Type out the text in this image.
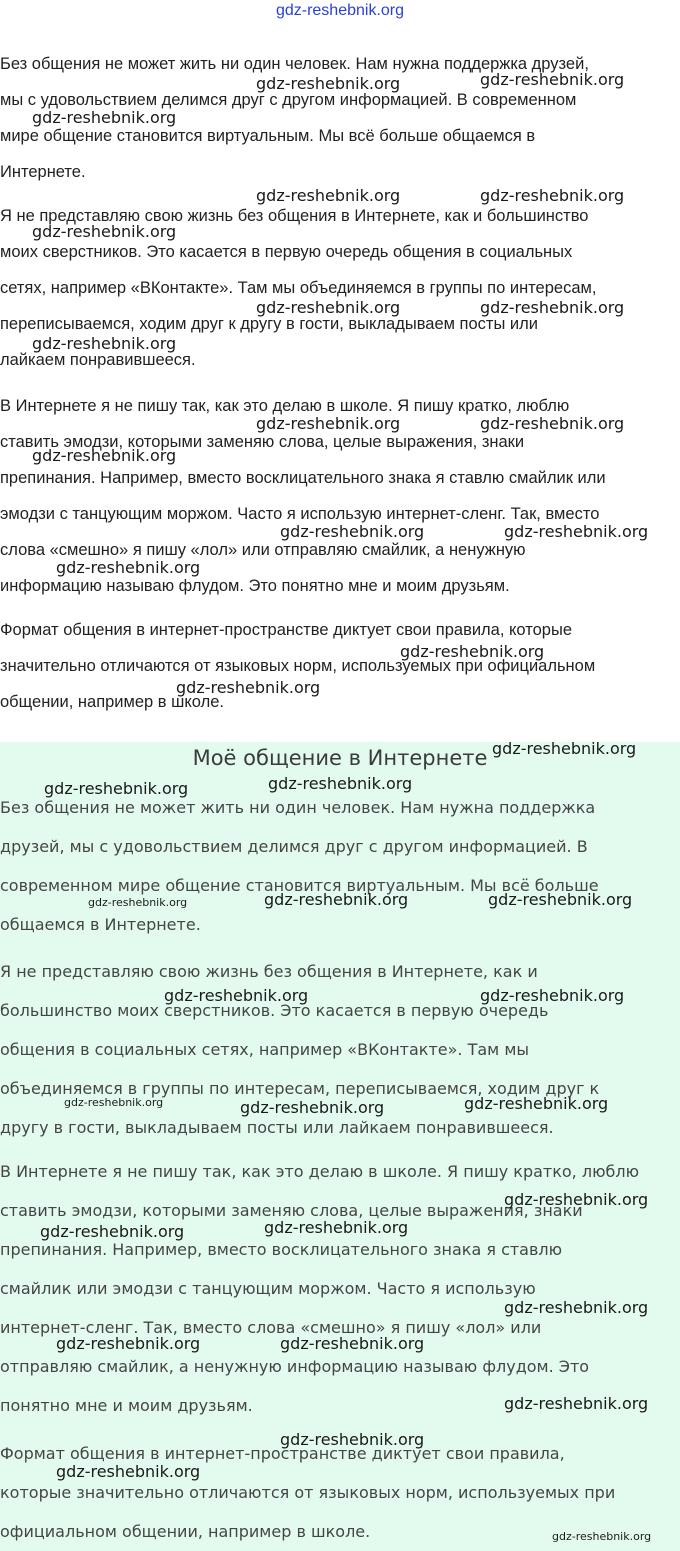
gdz-reshebnik.org
Без общения не может жить ни один человек. Нам нужна поддержка друзей,
мы с удовольствием делимся друг с другом информацией. В современном
мире общение становится виртуальным. Мы всё больше общаемся в
Интернете.
Я не представляю свою жизнь без общения в Интернете, как и большинство
моих сверстников. Это касается в первую очередь общения в социальных
сетях, например «ВКонтакте». Там мы объединяемся в группы по интересам,
переписываемся, ходим друг к другу в гости, выкладываем посты или
лайкаем понравившееся.
В Интернете я не пишу так, как это делаю в школе. Я пишу кратко, люблю
ставить эмодзи, которыми заменяю слова, целые выражения, знаки
препинания. Например, вместо восклицательного знака я ставлю смайлик или
эмодзи с танцующим моржом. Часто я использую интернет-сленг. Так, вместо
слова «смешно» я пишу «лол» или отправляю смайлик, а ненужную
информацию называю флудом. Это понятно мне и моим друзьям.
Формат общения в интернет-пространстве диктует свои правила, которые
значительно отличаются от языковых норм, используемых при официальном
общении, например в школе.
Моё общение в Интернете
Без общения не может жить ни один человек. Нам нужна поддержка
друзей, мы с удовольствием делимся друг с другом информацией. В
современном мире общение становится виртуальным. Мы всё больше
общаемся в Интернете.
Я не представляю свою жизнь без общения в Интернете, как и
большинство моих сверстников. Это касается в первую очередь
общения в социальных сетях, например «ВКонтакте». Там мы
объединяемся в группы по интересам, переписываемся, ходим друг к
другу в гости, выкладываем посты или лайкаем понравившееся.
В Интернете я не пишу так, как это делаю в школе. Я пишу кратко, люблю
ставить эмодзи, которыми заменяю слова, целые выражения, знаки
препинания. Например, вместо восклицательного знака я ставлю
смайлик или эмодзи с танцующим моржом. Часто я использую
интернет-сленг. Так, вместо слова «смешно» я пишу «лол» или
отправляю смайлик, а ненужную информацию называю флудом. Это
понятно мне и моим друзьям.
Формат общения в интернет-пространстве диктует свои правила,
которые значительно отличаются от языковых норм, используемых при
официальном общении, например в школе.
gdz-reshebnik.org	gdz-reshebnik.org
gdz-reshebnik.org
gdz-reshebnik.org	gdz-reshebnik.org
gdz-reshebnik.org
gdz-reshebnik.org	gdz-reshebnik.org
gdz-reshebnik.org
gdz-reshebnik.org	gdz-reshebnik.org
gdz-reshebnik.org
gdz-reshebnik.org	gdz-reshebnik.org
gdz-reshebnik.org
gdz-reshebnik.org
gdz-reshebnik.org
gdz-reshebnik.org
gdz-reshebnik.org	gdz-reshebnik.org
gdz-reshebnik.org	gdz-reshebnik.org	gdz-reshebnik.org
gdz-reshebnik.org	gdz-reshebnik.org
gdz-reshebnik.org	gdz-reshebnik.org	gdz-reshebnik.org
gdz-reshebnik.org
gdz-reshebnik.org	gdz-reshebnik.org
gdz-reshebnik.org
gdz-reshebnik.org	gdz-reshebnik.org
gdz-reshebnik.org
gdz-reshebnik.org
gdz-reshebnik.org
gdz-reshebnik.org
